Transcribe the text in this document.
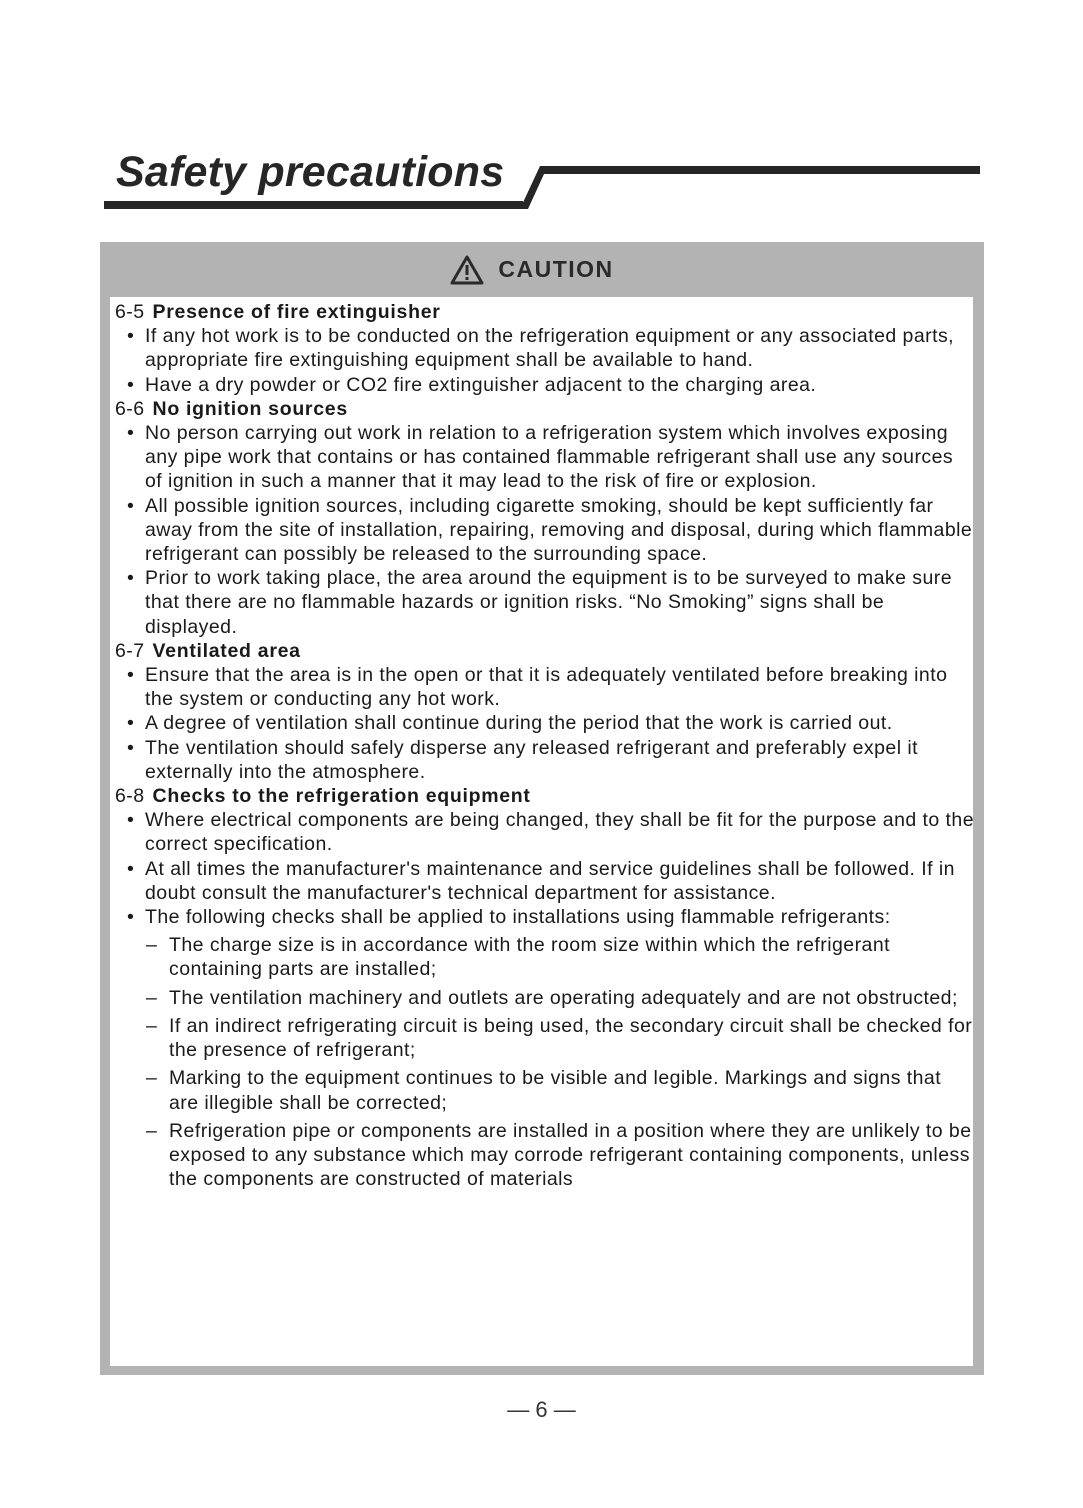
Safety precautions
CAUTION
6-5 Presence of fire extinguisher
• If any hot work is to be conducted on the refrigeration equipment or any associated parts, appropriate fire extinguishing equipment shall be available to hand.
• Have a dry powder or CO2 fire extinguisher adjacent to the charging area.
6-6 No ignition sources
• No person carrying out work in relation to a refrigeration system which involves exposing any pipe work that contains or has contained flammable refrigerant shall use any sources of ignition in such a manner that it may lead to the risk of fire or explosion.
• All possible ignition sources, including cigarette smoking, should be kept sufficiently far away from the site of installation, repairing, removing and disposal, during which flammable refrigerant can possibly be released to the surrounding space.
• Prior to work taking place, the area around the equipment is to be surveyed to make sure that there are no flammable hazards or ignition risks. “No Smoking” signs shall be displayed.
6-7 Ventilated area
• Ensure that the area is in the open or that it is adequately ventilated before breaking into the system or conducting any hot work.
• A degree of ventilation shall continue during the period that the work is carried out.
• The ventilation should safely disperse any released refrigerant and preferably expel it externally into the atmosphere.
6-8 Checks to the refrigeration equipment
• Where electrical components are being changed, they shall be fit for the purpose and to the correct specification.
• At all times the manufacturer's maintenance and service guidelines shall be followed. If in doubt consult the manufacturer's technical department for assistance.
• The following checks shall be applied to installations using flammable refrigerants:
– The charge size is in accordance with the room size within which the refrigerant containing parts are installed;
– The ventilation machinery and outlets are operating adequately and are not obstructed;
– If an indirect refrigerating circuit is being used, the secondary circuit shall be checked for the presence of refrigerant;
– Marking to the equipment continues to be visible and legible. Markings and signs that are illegible shall be corrected;
– Refrigeration pipe or components are installed in a position where they are unlikely to be exposed to any substance which may corrode refrigerant containing components, unless the components are constructed of materials
— 6 —
